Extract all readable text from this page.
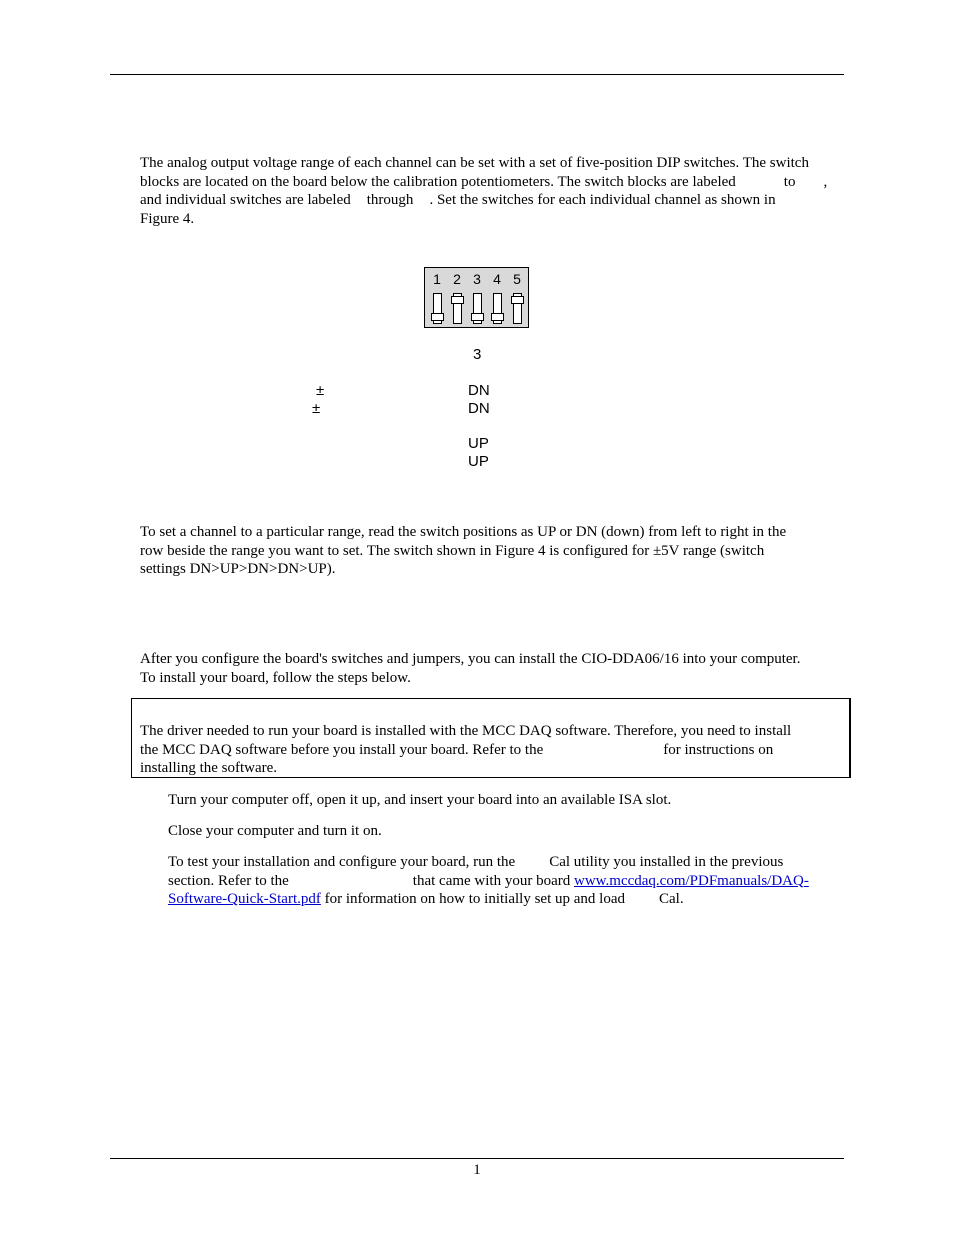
The analog output voltage range of each channel can be set with a set of five-position DIP switches. The switch

blocks are located on the board below the calibration potentiometers. The switch blocks are labeled	to ,

and individual switches are labeled through . Set the switches for each individual channel as shown in

Figure 4.

1 2 3 4 5
3
±	DN
±	DN
UP
UP

To set a channel to a particular range, read the switch positions as UP or DN (down) from left to right in the

row beside the range you want to set. The switch shown in Figure 4 is configured for ±5V range (switch

settings DN>UP>DN>DN>UP).

After you configure the board's switches and jumpers, you can install the CIO-DDA06/16 into your computer.

To install your board, follow the steps below.

The driver needed to run your board is installed with the MCC DAQ software. Therefore, you need to install

the MCC DAQ software before you install your board. Refer to the	for instructions on

installing the software.

Turn your computer off, open it up, and insert your board into an available ISA slot.

Close your computer and turn it on.

To test your installation and configure your board, run the Cal utility you installed in the previous

section. Refer to the	that came with your board www.mccdaq.com/PDFmanuals/DAQ-

Software-Quick-Start.pdf for information on how to initially set up and load Cal.

1
